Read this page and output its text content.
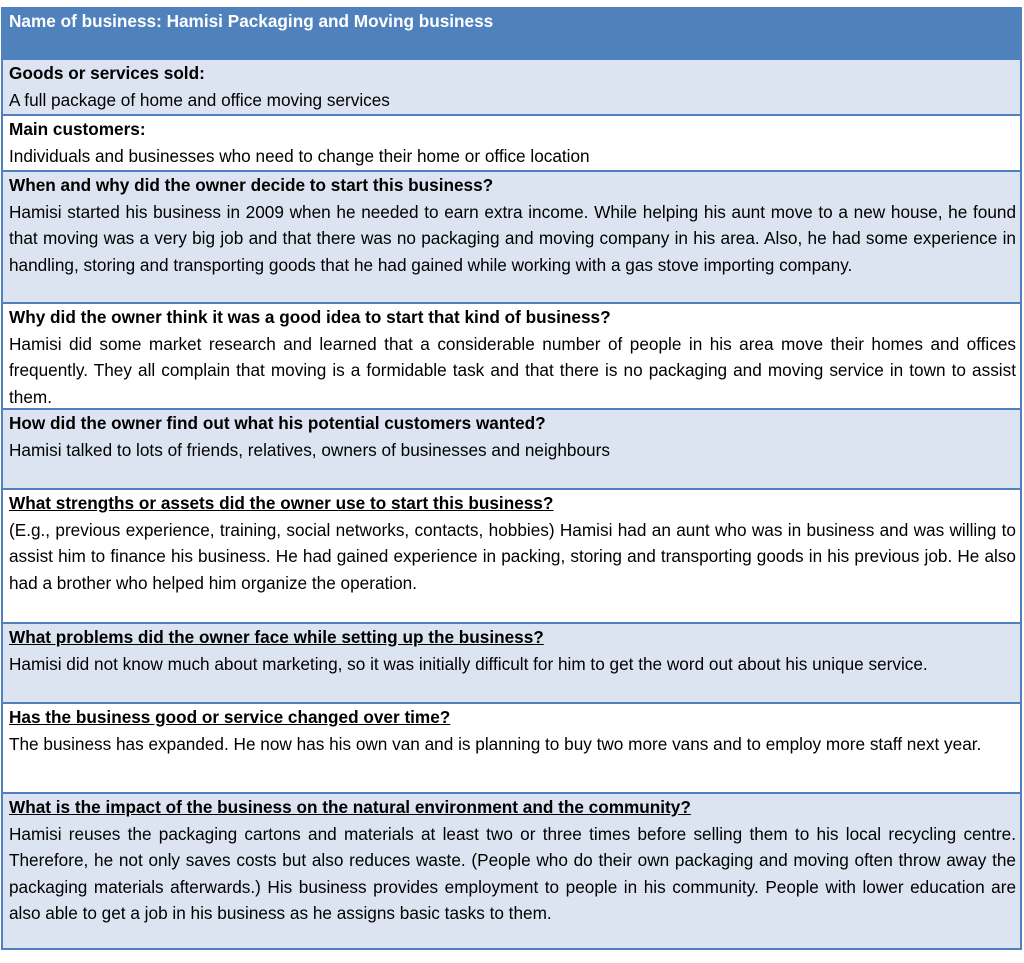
Name of business: Hamisi Packaging and Moving business
Goods or services sold:
A full package of home and office moving services
Main customers:
Individuals and businesses who need to change their home or office location
When and why did the owner decide to start this business?
Hamisi started his business in 2009 when he needed to earn extra income. While helping his aunt move to a new house, he found that moving was a very big job and that there was no packaging and moving company in his area. Also, he had some experience in handling, storing and transporting goods that he had gained while working with a gas stove importing company.
Why did the owner think it was a good idea to start that kind of business?
Hamisi did some market research and learned that a considerable number of people in his area move their homes and offices frequently. They all complain that moving is a formidable task and that there is no packaging and moving service in town to assist them.
How did the owner find out what his potential customers wanted?
Hamisi talked to lots of friends, relatives, owners of businesses and neighbours
What strengths or assets did the owner use to start this business?
(E.g., previous experience, training, social networks, contacts, hobbies) Hamisi had an aunt who was in business and was willing to assist him to finance his business. He had gained experience in packing, storing and transporting goods in his previous job. He also had a brother who helped him organize the operation.
What problems did the owner face while setting up the business?
Hamisi did not know much about marketing, so it was initially difficult for him to get the word out about his unique service.
Has the business good or service changed over time?
The business has expanded. He now has his own van and is planning to buy two more vans and to employ more staff next year.
What is the impact of the business on the natural environment and the community?
Hamisi reuses the packaging cartons and materials at least two or three times before selling them to his local recycling centre. Therefore, he not only saves costs but also reduces waste. (People who do their own packaging and moving often throw away the packaging materials afterwards.) His business provides employment to people in his community. People with lower education are also able to get a job in his business as he assigns basic tasks to them.
